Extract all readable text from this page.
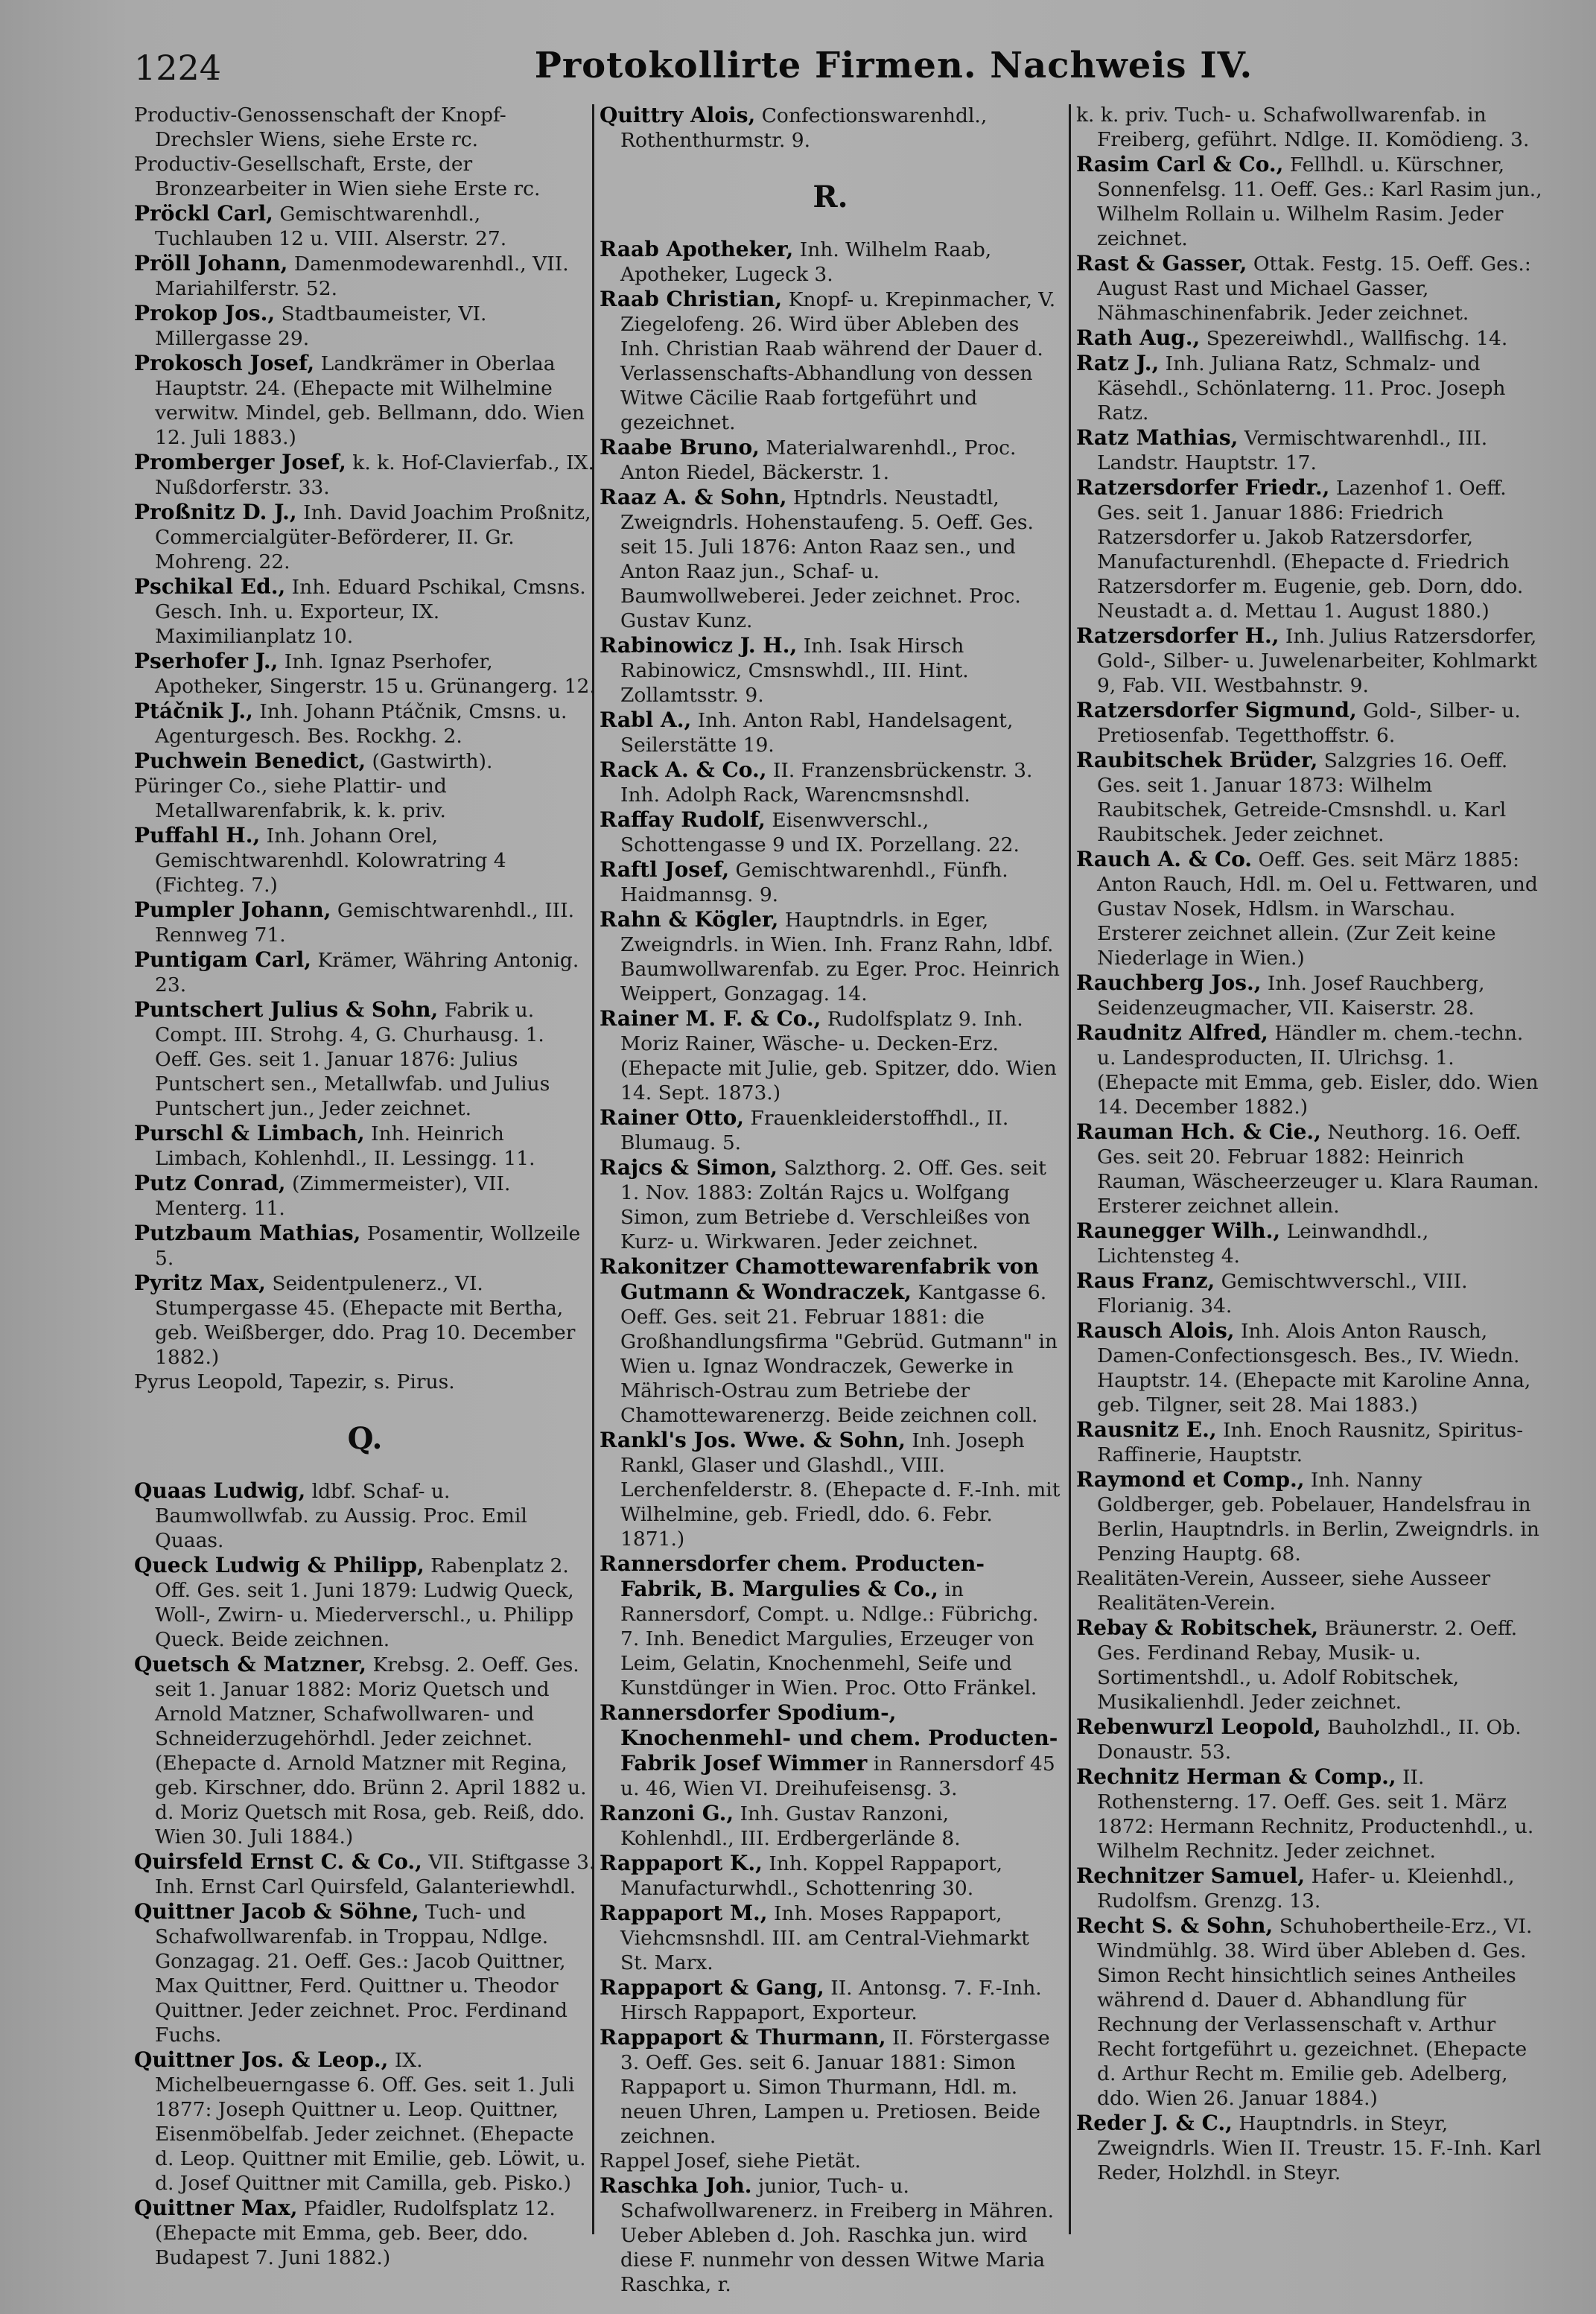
1224	Protokollirte Firmen. Nachweis IV.

Productiv-Genossenschaft der Knopf-Drechsler Wiens, siehe Erste rc.

Productiv-Gesellschaft, Erste, der Bronzearbeiter in Wien siehe Erste rc.

Pröckl Carl, Gemischtwarenhdl., Tuchlauben 12 u. VIII. Alserstr. 27.

Pröll Johann, Damenmodewarenhdl., VII. Mariahilferstr. 52.

Prokop Jos., Stadtbaumeister, VI. Millergasse 29.

Prokosch Josef, Landkrämer in Oberlaa Hauptstr. 24. (Ehepacte mit Wilhelmine verwitw. Mindel, geb. Bellmann, ddo. Wien 12. Juli 1883.)

Promberger Josef, k. k. Hof-Clavierfab., IX. Nußdorferstr. 33.

Proßnitz D. J., Inh. David Joachim Proßnitz, Commercialgüter-Beförderer, II. Gr. Mohreng. 22.

Pschikal Ed., Inh. Eduard Pschikal, Cmsns. Gesch. Inh. u. Exporteur, IX. Maximilianplatz 10.

Pserhofer J., Inh. Ignaz Pserhofer, Apotheker, Singerstr. 15 u. Grünangerg. 12.

Ptáčnik J., Inh. Johann Ptáčnik, Cmsns. u. Agenturgesch. Bes. Rockhg. 2.

Puchwein Benedict, (Gastwirth).

Püringer Co., siehe Plattir- und Metallwarenfabrik, k. k. priv.

Puffahl H., Inh. Johann Orel, Gemischtwarenhdl. Kolowratring 4 (Fichteg. 7.)

Pumpler Johann, Gemischtwarenhdl., III. Rennweg 71.

Puntigam Carl, Krämer, Währing Antonig. 23.

Puntschert Julius & Sohn, Fabrik u. Compt. III. Strohg. 4, G. Churhausg. 1. Oeff. Ges. seit 1. Januar 1876: Julius Puntschert sen., Metallwfab. und Julius Puntschert jun., Jeder zeichnet.

Purschl & Limbach, Inh. Heinrich Limbach, Kohlenhdl., II. Lessingg. 11.

Putz Conrad, (Zimmermeister), VII. Menterg. 11.

Putzbaum Mathias, Posamentir, Wollzeile 5.

Pyritz Max, Seidentpulenerz., VI. Stumpergasse 45. (Ehepacte mit Bertha, geb. Weißberger, ddo. Prag 10. December 1882.)

Pyrus Leopold, Tapezir, s. Pirus.

Q.

Quaas Ludwig, ldbf. Schaf- u. Baumwollwfab. zu Aussig. Proc. Emil Quaas.

Queck Ludwig & Philipp, Rabenplatz 2. Off. Ges. seit 1. Juni 1879: Ludwig Queck, Woll-, Zwirn- u. Miederverschl., u. Philipp Queck. Beide zeichnen.

Quetsch & Matzner, Krebsg. 2. Oeff. Ges. seit 1. Januar 1882: Moriz Quetsch und Arnold Matzner, Schafwollwaren- und Schneiderzugehörhdl. Jeder zeichnet. (Ehepacte d. Arnold Matzner mit Regina, geb. Kirschner, ddo. Brünn 2. April 1882 u. d. Moriz Quetsch mit Rosa, geb. Reiß, ddo. Wien 30. Juli 1884.)

Quirsfeld Ernst C. & Co., VII. Stiftgasse 3. Inh. Ernst Carl Quirsfeld, Galanteriewhdl.

Quittner Jacob & Söhne, Tuch- und Schafwollwarenfab. in Troppau, Ndlge. Gonzagag. 21. Oeff. Ges.: Jacob Quittner, Max Quittner, Ferd. Quittner u. Theodor Quittner. Jeder zeichnet. Proc. Ferdinand Fuchs.

Quittner Jos. & Leop., IX. Michelbeuerngasse 6. Off. Ges. seit 1. Juli 1877: Joseph Quittner u. Leop. Quittner, Eisenmöbelfab. Jeder zeichnet. (Ehepacte d. Leop. Quittner mit Emilie, geb. Löwit, u. d. Josef Quittner mit Camilla, geb. Pisko.)

Quittner Max, Pfaidler, Rudolfsplatz 12. (Ehepacte mit Emma, geb. Beer, ddo. Budapest 7. Juni 1882.)

Quittry Alois, Confectionswarenhdl., Rothenthurmstr. 9.

R.

Raab Apotheker, Inh. Wilhelm Raab, Apotheker, Lugeck 3.

Raab Christian, Knopf- u. Krepinmacher, V. Ziegelofeng. 26. Wird über Ableben des Inh. Christian Raab während der Dauer d. Verlassenschafts-Abhandlung von dessen Witwe Cäcilie Raab fortgeführt und gezeichnet.

Raabe Bruno, Materialwarenhdl., Proc. Anton Riedel, Bäckerstr. 1.

Raaz A. & Sohn, Hptndrls. Neustadtl, Zweigndrls. Hohenstaufeng. 5. Oeff. Ges. seit 15. Juli 1876: Anton Raaz sen., und Anton Raaz jun., Schaf- u. Baumwollweberei. Jeder zeichnet. Proc. Gustav Kunz.

Rabinowicz J. H., Inh. Isak Hirsch Rabinowicz, Cmsnswhdl., III. Hint. Zollamtsstr. 9.

Rabl A., Inh. Anton Rabl, Handelsagent, Seilerstätte 19.

Rack A. & Co., II. Franzensbrückenstr. 3. Inh. Adolph Rack, Warencmsnshdl.

Raffay Rudolf, Eisenwverschl., Schottengasse 9 und IX. Porzellang. 22.

Raftl Josef, Gemischtwarenhdl., Fünfh. Haidmannsg. 9.

Rahn & Kögler, Hauptndrls. in Eger, Zweigndrls. in Wien. Inh. Franz Rahn, ldbf. Baumwollwarenfab. zu Eger. Proc. Heinrich Weippert, Gonzagag. 14.

Rainer M. F. & Co., Rudolfsplatz 9. Inh. Moriz Rainer, Wäsche- u. Decken-Erz. (Ehepacte mit Julie, geb. Spitzer, ddo. Wien 14. Sept. 1873.)

Rainer Otto, Frauenkleiderstoffhdl., II. Blumaug. 5.

Rajcs & Simon, Salzthorg. 2. Off. Ges. seit 1. Nov. 1883: Zoltán Rajcs u. Wolfgang Simon, zum Betriebe d. Verschleißes von Kurz- u. Wirkwaren. Jeder zeichnet.

Rakonitzer Chamottewarenfabrik von Gutmann & Wondraczek, Kantgasse 6. Oeff. Ges. seit 21. Februar 1881: die Großhandlungsfirma "Gebrüd. Gutmann" in Wien u. Ignaz Wondraczek, Gewerke in Mährisch-Ostrau zum Betriebe der Chamottewarenerzg. Beide zeichnen coll.

Rankl's Jos. Wwe. & Sohn, Inh. Joseph Rankl, Glaser und Glashdl., VIII. Lerchenfelderstr. 8. (Ehepacte d. F.-Inh. mit Wilhelmine, geb. Friedl, ddo. 6. Febr. 1871.)

Rannersdorfer chem. Producten-Fabrik, B. Margulies & Co., in Rannersdorf, Compt. u. Ndlge.: Fübrichg. 7. Inh. Benedict Margulies, Erzeuger von Leim, Gelatin, Knochenmehl, Seife und Kunstdünger in Wien. Proc. Otto Fränkel.

Rannersdorfer Spodium-, Knochenmehl- und chem. Producten-Fabrik Josef Wimmer in Rannersdorf 45 u. 46, Wien VI. Dreihufeisensg. 3.

Ranzoni G., Inh. Gustav Ranzoni, Kohlenhdl., III. Erdbergerlände 8.

Rappaport K., Inh. Koppel Rappaport, Manufacturwhdl., Schottenring 30.

Rappaport M., Inh. Moses Rappaport, Viehcmsnshdl. III. am Central-Viehmarkt St. Marx.

Rappaport & Gang, II. Antonsg. 7. F.-Inh. Hirsch Rappaport, Exporteur.

Rappaport & Thurmann, II. Förstergasse 3. Oeff. Ges. seit 6. Januar 1881: Simon Rappaport u. Simon Thurmann, Hdl. m. neuen Uhren, Lampen u. Pretiosen. Beide zeichnen.

Rappel Josef, siehe Pietät.

Raschka Joh. junior, Tuch- u. Schafwollwarenerz. in Freiberg in Mähren. Ueber Ableben d. Joh. Raschka jun. wird diese F. nunmehr von dessen Witwe Maria Raschka, r.

k. k. priv. Tuch- u. Schafwollwarenfab. in Freiberg, geführt. Ndlge. II. Komödieng. 3.

Rasim Carl & Co., Fellhdl. u. Kürschner, Sonnenfelsg. 11. Oeff. Ges.: Karl Rasim jun., Wilhelm Rollain u. Wilhelm Rasim. Jeder zeichnet.

Rast & Gasser, Ottak. Festg. 15. Oeff. Ges.: August Rast und Michael Gasser, Nähmaschinenfabrik. Jeder zeichnet.

Rath Aug., Spezereiwhdl., Wallfischg. 14.

Ratz J., Inh. Juliana Ratz, Schmalz- und Käsehdl., Schönlaterng. 11. Proc. Joseph Ratz.

Ratz Mathias, Vermischtwarenhdl., III. Landstr. Hauptstr. 17.

Ratzersdorfer Friedr., Lazenhof 1. Oeff. Ges. seit 1. Januar 1886: Friedrich Ratzersdorfer u. Jakob Ratzersdorfer, Manufacturenhdl. (Ehepacte d. Friedrich Ratzersdorfer m. Eugenie, geb. Dorn, ddo. Neustadt a. d. Mettau 1. August 1880.)

Ratzersdorfer H., Inh. Julius Ratzersdorfer, Gold-, Silber- u. Juwelenarbeiter, Kohlmarkt 9, Fab. VII. Westbahnstr. 9.

Ratzersdorfer Sigmund, Gold-, Silber- u. Pretiosenfab. Tegetthoffstr. 6.

Raubitschek Brüder, Salzgries 16. Oeff. Ges. seit 1. Januar 1873: Wilhelm Raubitschek, Getreide-Cmsnshdl. u. Karl Raubitschek. Jeder zeichnet.

Rauch A. & Co. Oeff. Ges. seit März 1885: Anton Rauch, Hdl. m. Oel u. Fettwaren, und Gustav Nosek, Hdlsm. in Warschau. Ersterer zeichnet allein. (Zur Zeit keine Niederlage in Wien.)

Rauchberg Jos., Inh. Josef Rauchberg, Seidenzeugmacher, VII. Kaiserstr. 28.

Raudnitz Alfred, Händler m. chem.-techn. u. Landesproducten, II. Ulrichsg. 1. (Ehepacte mit Emma, geb. Eisler, ddo. Wien 14. December 1882.)

Rauman Hch. & Cie., Neuthorg. 16. Oeff. Ges. seit 20. Februar 1882: Heinrich Rauman, Wäscheerzeuger u. Klara Rauman. Ersterer zeichnet allein.

Raunegger Wilh., Leinwandhdl., Lichtensteg 4.

Raus Franz, Gemischtwverschl., VIII. Florianig. 34.

Rausch Alois, Inh. Alois Anton Rausch, Damen-Confectionsgesch. Bes., IV. Wiedn. Hauptstr. 14. (Ehepacte mit Karoline Anna, geb. Tilgner, seit 28. Mai 1883.)

Rausnitz E., Inh. Enoch Rausnitz, Spiritus-Raffinerie, Hauptstr.

Raymond et Comp., Inh. Nanny Goldberger, geb. Pobelauer, Handelsfrau in Berlin, Hauptndrls. in Berlin, Zweigndrls. in Penzing Hauptg. 68.

Realitäten-Verein, Ausseer, siehe Ausseer Realitäten-Verein.

Rebay & Robitschek, Bräunerstr. 2. Oeff. Ges. Ferdinand Rebay, Musik- u. Sortimentshdl., u. Adolf Robitschek, Musikalienhdl. Jeder zeichnet.

Rebenwurzl Leopold, Bauholzhdl., II. Ob. Donaustr. 53.

Rechnitz Herman & Comp., II. Rothensterng. 17. Oeff. Ges. seit 1. März 1872: Hermann Rechnitz, Productenhdl., u. Wilhelm Rechnitz. Jeder zeichnet.

Rechnitzer Samuel, Hafer- u. Kleienhdl., Rudolfsm. Grenzg. 13.

Recht S. & Sohn, Schuhobertheile-Erz., VI. Windmühlg. 38. Wird über Ableben d. Ges. Simon Recht hinsichtlich seines Antheiles während d. Dauer d. Abhandlung für Rechnung der Verlassenschaft v. Arthur Recht fortgeführt u. gezeichnet. (Ehepacte d. Arthur Recht m. Emilie geb. Adelberg, ddo. Wien 26. Januar 1884.)

Reder J. & C., Hauptndrls. in Steyr, Zweigndrls. Wien II. Treustr. 15. F.-Inh. Karl Reder, Holzhdl. in Steyr.
